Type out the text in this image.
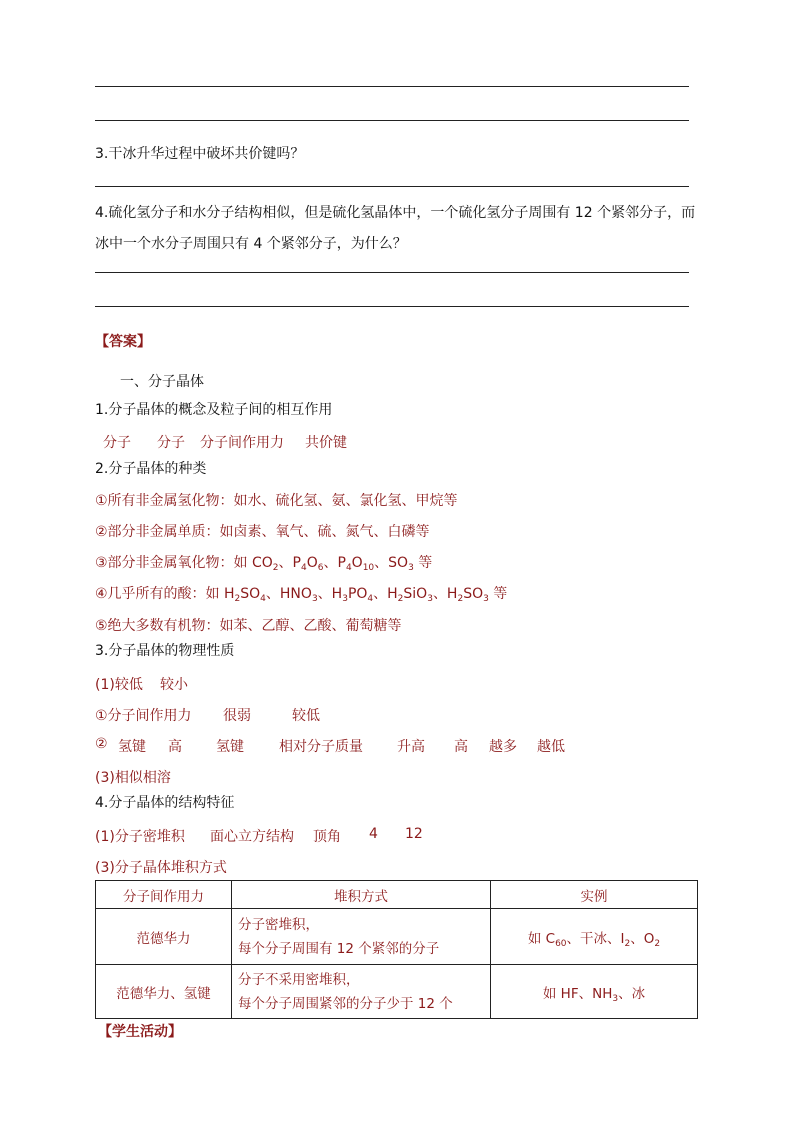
3.干冰升华过程中破坏共价键吗？
4.硫化氢分子和水分子结构相似，但是硫化氢晶体中，一个硫化氢分子周围有 12 个紧邻分子，而
冰中一个水分子周围只有 4 个紧邻分子，为什么？
【答案】
一、分子晶体
1.分子晶体的概念及粒子间的相互作用
分子 分子 分子间作用力 共价键
2.分子晶体的种类
①所有非金属氢化物：如水、硫化氢、氨、氯化氢、甲烷等
②部分非金属单质：如卤素、氧气、硫、氮气、白磷等
③部分非金属氧化物：如 $CO_2$、$P_4O_6$、$P_4O_{10}$、$SO_3$ 等
④几乎所有的酸：如 $H_2SO_4$、$HNO_3$、$H_3PO_4$、$H_2SiO_3$、$H_2SO_3$ 等
⑤绝大多数有机物：如苯、乙醇、乙酸、葡萄糖等
3.分子晶体的物理性质
(1)较低 较小
①分子间作用力 很弱	较低
② 氢键 高 氢键	相对分子质量 升高 高 越多 越低
(3)相似相溶
4.分子晶体的结构特征
(1)分子密堆积 面心立方结构 顶角 4 12
(3)分子晶体堆积方式
分子间作用力	堆积方式	实例
范德华力	分子密堆积，
每个分子周围有 12 个紧邻的分子	如 $C_{60}$、干冰、$I_2$、$O_2$
范德华力、氢键	分子不采用密堆积，
每个分子周围紧邻的分子少于 12 个	如 HF、$NH_3$、冰
【学生活动】
